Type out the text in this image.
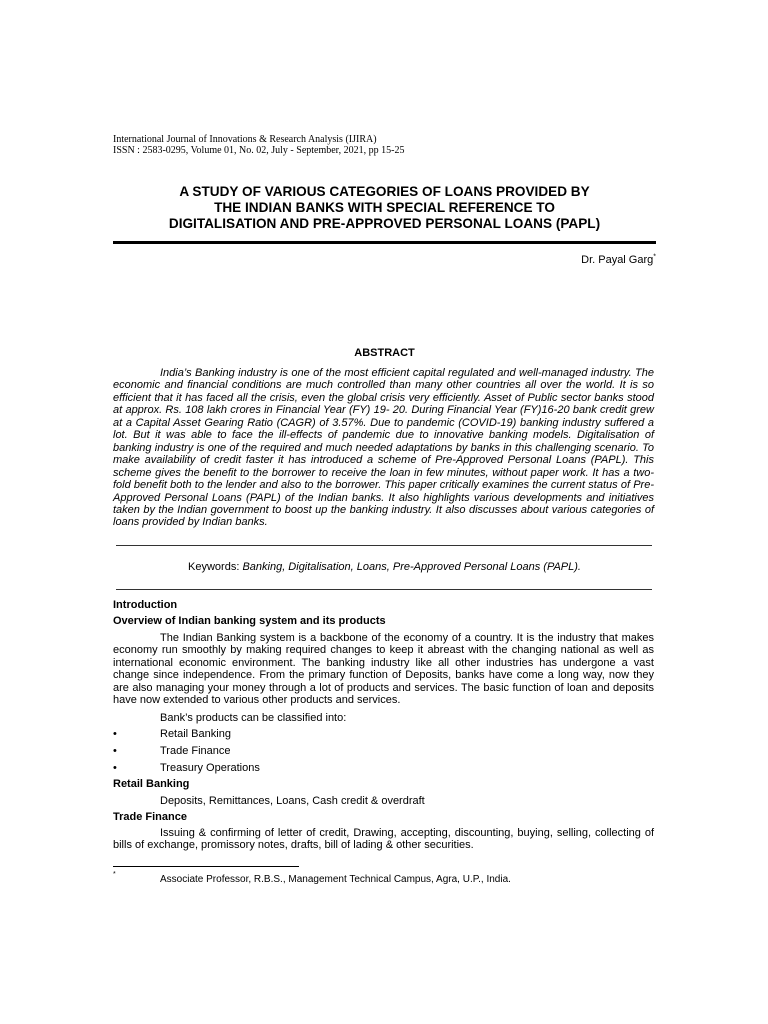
International Journal of Innovations & Research Analysis (IJIRA)
ISSN : 2583-0295, Volume 01, No. 02, July - September, 2021, pp 15-25
A STUDY OF VARIOUS CATEGORIES OF LOANS PROVIDED BY
THE INDIAN BANKS WITH SPECIAL REFERENCE TO
DIGITALISATION AND PRE-APPROVED PERSONAL LOANS (PAPL)
Dr. Payal Garg*
ABSTRACT

India’s Banking industry is one of the most efficient capital regulated and well-managed industry. The economic and financial conditions are much controlled than many other countries all over the world. It is so efficient that it has faced all the crisis, even the global crisis very efficiently. Asset of Public sector banks stood at approx. Rs. 108 lakh crores in Financial Year (FY) 19- 20. During Financial Year (FY)16-20 bank credit grew at a Capital Asset Gearing Ratio (CAGR) of 3.57%. Due to pandemic (COVID-19) banking industry suffered a lot. But it was able to face the ill-effects of pandemic due to innovative banking models. Digitalisation of banking industry is one of the required and much needed adaptations by banks in this challenging scenario. To make availability of credit faster it has introduced a scheme of Pre-Approved Personal Loans (PAPL). This scheme gives the benefit to the borrower to receive the loan in few minutes, without paper work. It has a two-fold benefit both to the lender and also to the borrower. This paper critically examines the current status of Pre-Approved Personal Loans (PAPL) of the Indian banks. It also highlights various developments and initiatives taken by the Indian government to boost up the banking industry. It also discusses about various categories of loans provided by Indian banks.

Keywords: Banking, Digitalisation, Loans, Pre-Approved Personal Loans (PAPL).
Introduction
Overview of Indian banking system and its products

The Indian Banking system is a backbone of the economy of a country. It is the industry that makes economy run smoothly by making required changes to keep it abreast with the changing national as well as international economic environment. The banking industry like all other industries has undergone a vast change since independence. From the primary function of Deposits, banks have come a long way, now they are also managing your money through a lot of products and services. The basic function of loan and deposits have now extended to various other products and services.

Bank’s products can be classified into:
•	Retail Banking
•	Trade Finance
•	Treasury Operations
Retail Banking
Deposits, Remittances, Loans, Cash credit & overdraft
Trade Finance

Issuing & confirming of letter of credit, Drawing, accepting, discounting, buying, selling, collecting of bills of exchange, promissory notes, drafts, bill of lading & other securities.

*	Associate Professor, R.B.S., Management Technical Campus, Agra, U.P., India.
